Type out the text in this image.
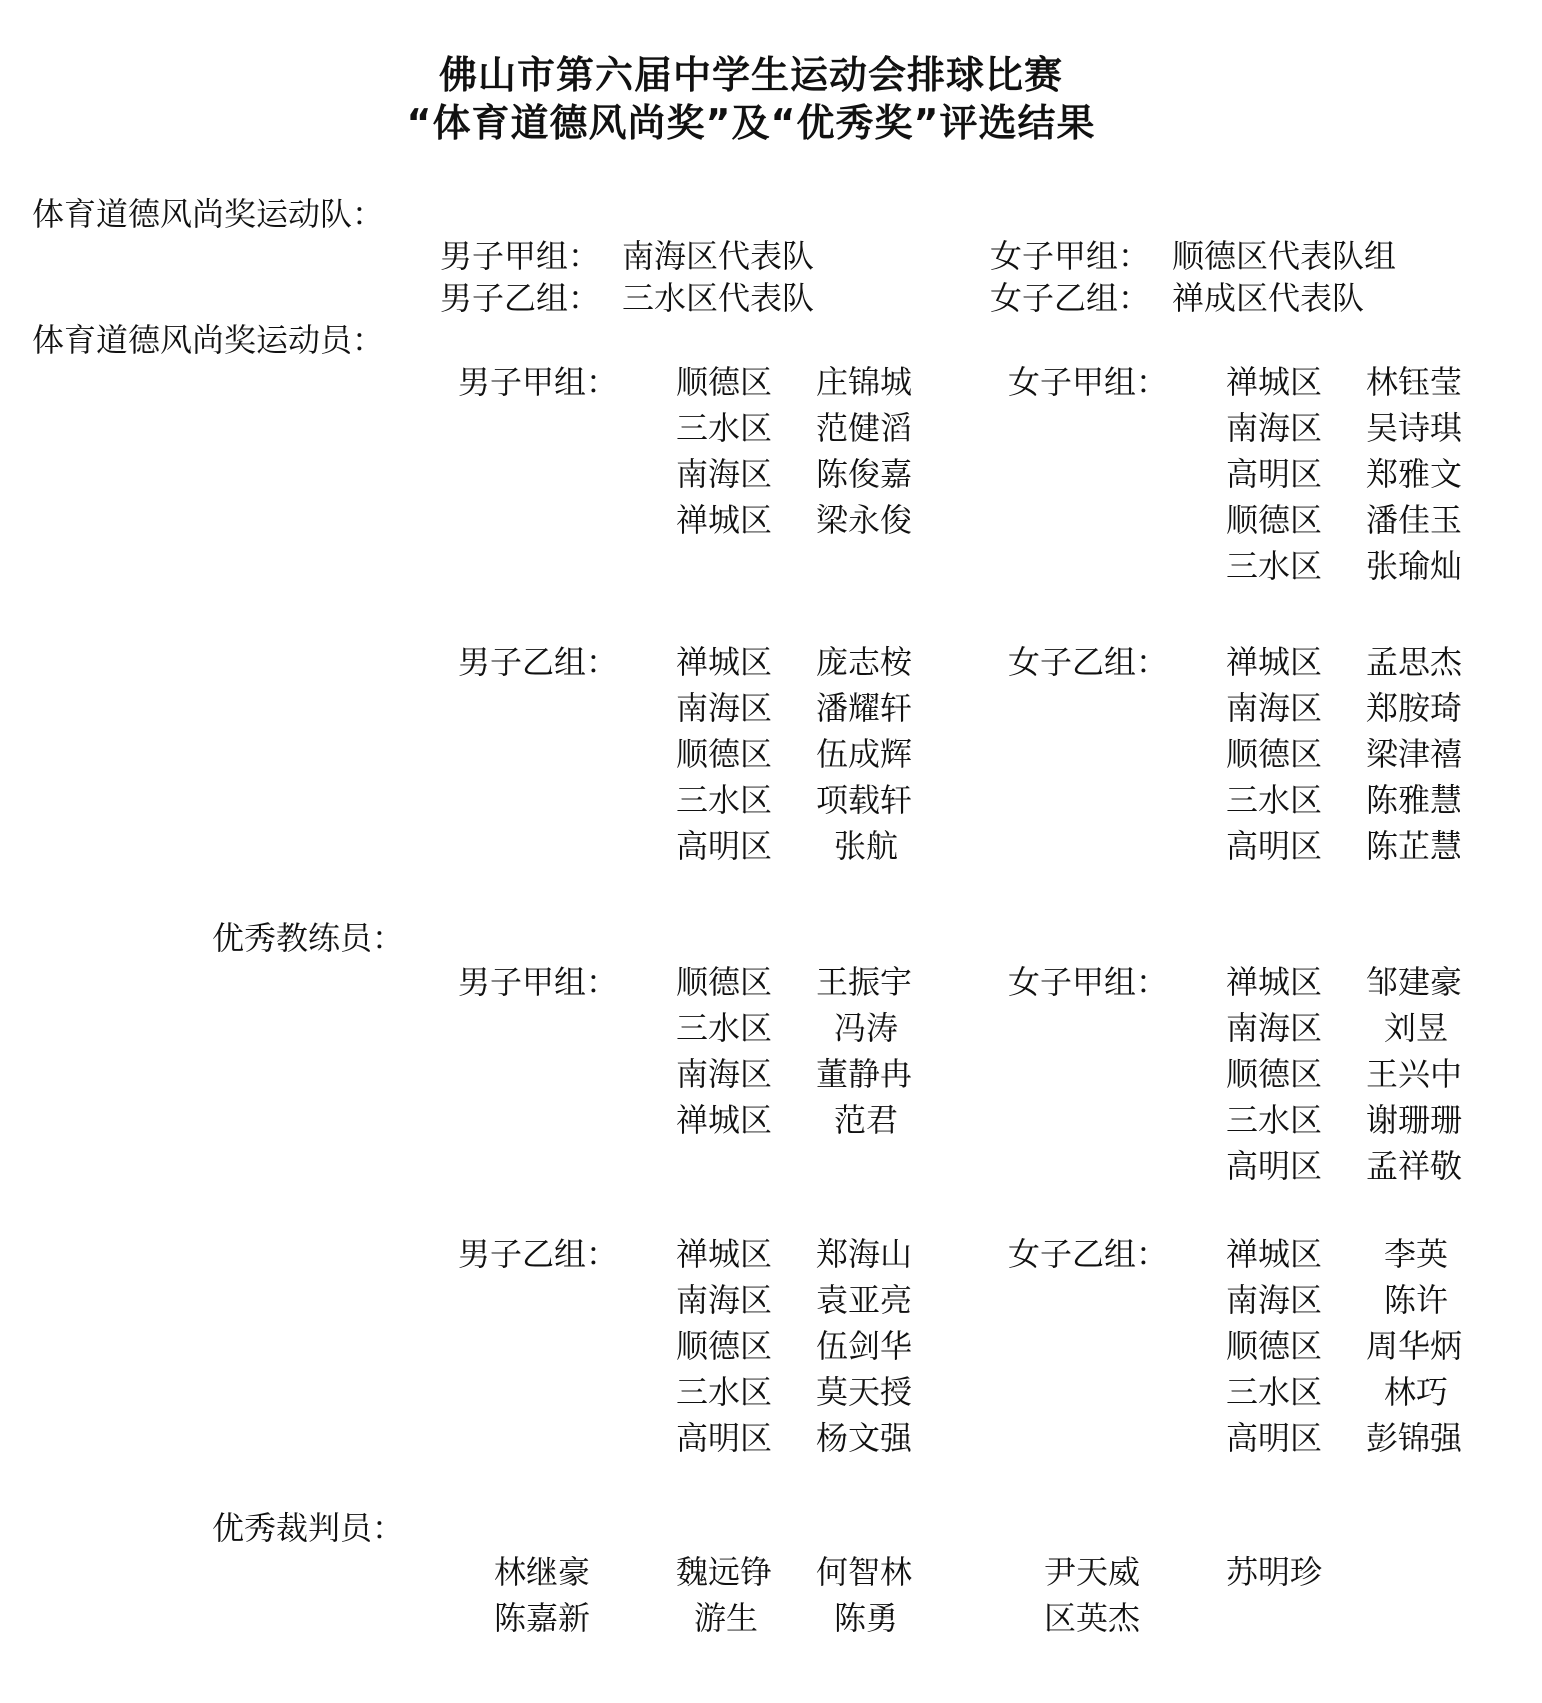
佛山市第六届中学生运动会排球比赛
“体育道德风尚奖”及“优秀奖”评选结果
体育道德风尚奖运动队：
男子甲组： 南海区代表队	女子甲组： 顺德区代表队组
男子乙组： 三水区代表队	女子乙组： 禅成区代表队
体育道德风尚奖运动员：
男子甲组： 顺德区 庄锦城
三水区 范健滔
南海区 陈俊嘉
禅城区 梁永俊
女子甲组： 禅城区 林钰莹
南海区 吴诗琪
高明区 郑雅文
顺德区 潘佳玉
三水区 张瑜灿
男子乙组： 禅城区 庞志桉
南海区 潘耀轩
顺德区 伍成辉
三水区 项载轩
高明区 张航
女子乙组： 禅城区 孟思杰
南海区 郑胺琦
顺德区 梁津禧
三水区 陈雅慧
高明区 陈芷慧
优秀教练员：
男子甲组： 顺德区 王振宇
三水区 冯涛
南海区 董静冉
禅城区 范君
女子甲组： 禅城区 邹建豪
南海区 刘昱
顺德区 王兴中
三水区 谢珊珊
高明区 孟祥敬
男子乙组： 禅城区 郑海山
南海区 袁亚亮
顺德区 伍剑华
三水区 莫天授
高明区 杨文强
女子乙组： 禅城区 李英
南海区 陈许
顺德区 周华炳
三水区 林巧
高明区 彭锦强
优秀裁判员：
林继豪	魏远铮 何智林	尹天威	苏明珍
陈嘉新	游生 陈勇	区英杰
